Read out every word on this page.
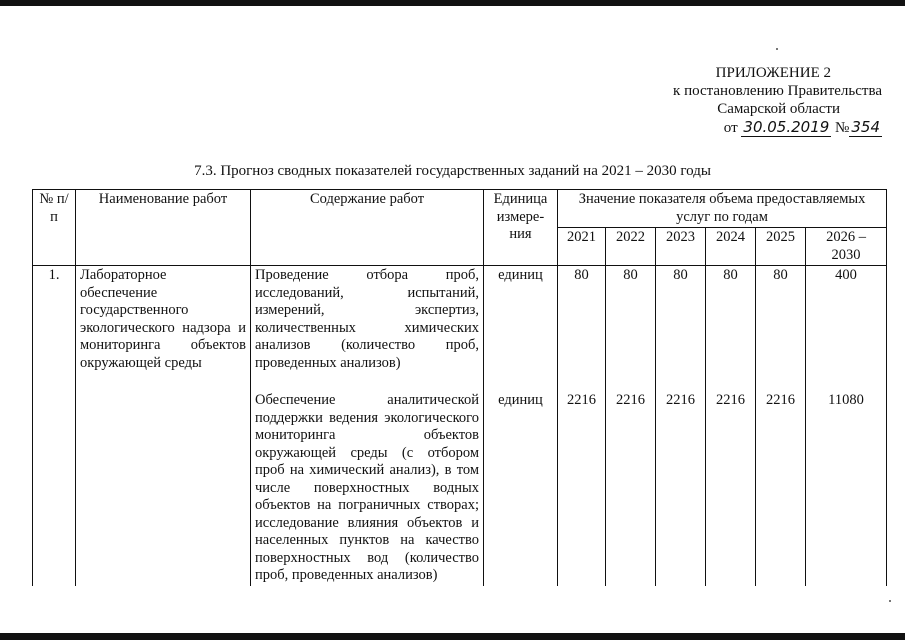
ПРИЛОЖЕНИЕ 2
к постановлению Правительства
Самарской области
от 30.05.2019 № 354
7.3. Прогноз сводных показателей государственных заданий на 2021 – 2030 годы
№ п/п	Наименование работ	Содержание работ	Единица измере-ния	Значение показателя объема предоставляемых услуг по годам					
				2021	2022	2023	2024	2025	2026 – 2030
1.	Лабораторное обеспечение государственного экологического надзора и мониторинга объектов окружающей среды	Проведение отбора проб, исследований, испытаний, измерений, экспертиз, количественных химических анализов (количество проб, проведенных анализов)	единиц	80	80	80	80	80	400

		Обеспечение аналитической поддержки ведения экологического мониторинга объектов окружающей среды (с отбором проб на химический анализ), в том числе поверхностных водных объектов на пограничных створах; исследование влияния объектов и населенных пунктов на качество поверхностных вод (количество проб, проведенных анализов)	единиц	2216	2216	2216	2216	2216	11080
